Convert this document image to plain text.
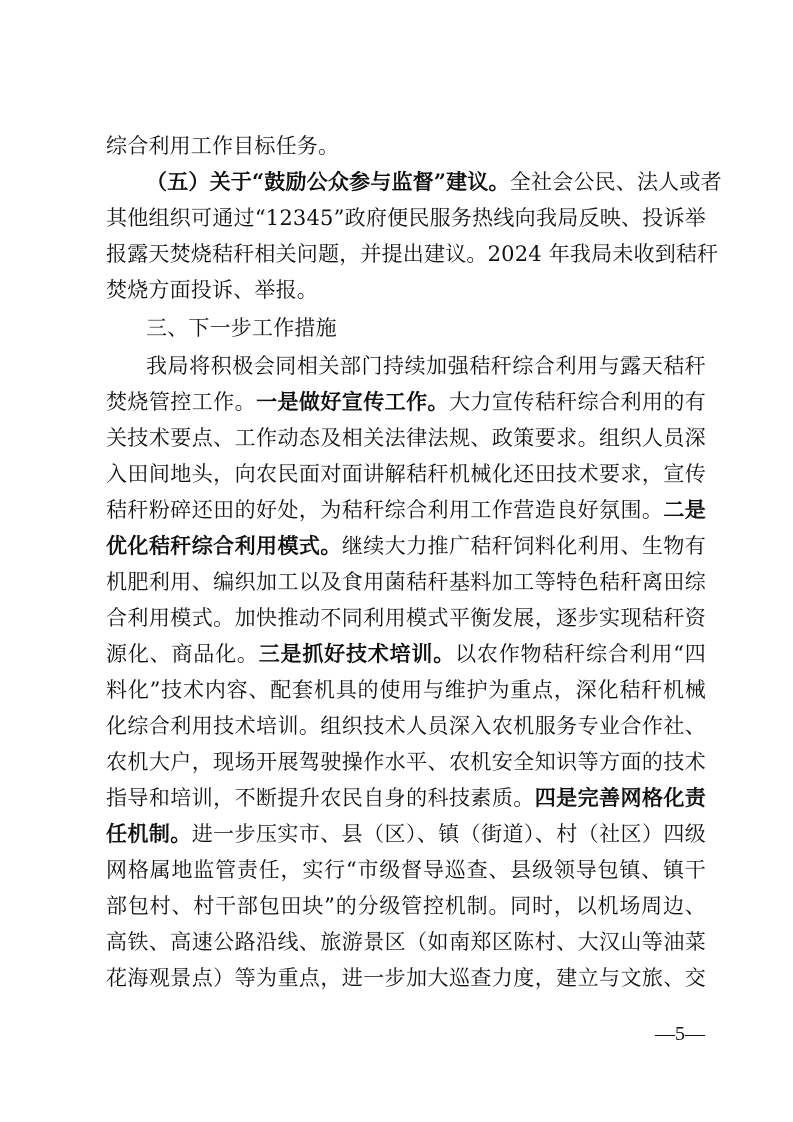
综合利用工作目标任务。
（五）关于“鼓励公众参与监督”建议。全社会公民、法人或者
其他组织可通过“12345”政府便民服务热线向我局反映、投诉举
报露天焚烧秸秆相关问题，并提出建议。2024 年我局未收到秸秆
焚烧方面投诉、举报。
三、下一步工作措施
我局将积极会同相关部门持续加强秸秆综合利用与露天秸秆
焚烧管控工作。一是做好宣传工作。大力宣传秸秆综合利用的有
关技术要点、工作动态及相关法律法规、政策要求。组织人员深
入田间地头，向农民面对面讲解秸秆机械化还田技术要求，宣传
秸秆粉碎还田的好处，为秸秆综合利用工作营造良好氛围。二是
优化秸秆综合利用模式。继续大力推广秸秆饲料化利用、生物有
机肥利用、编织加工以及食用菌秸秆基料加工等特色秸秆离田综
合利用模式。加快推动不同利用模式平衡发展，逐步实现秸秆资
源化、商品化。三是抓好技术培训。以农作物秸秆综合利用“四
料化”技术内容、配套机具的使用与维护为重点，深化秸秆机械
化综合利用技术培训。组织技术人员深入农机服务专业合作社、
农机大户，现场开展驾驶操作水平、农机安全知识等方面的技术
指导和培训，不断提升农民自身的科技素质。四是完善网格化责
任机制。进一步压实市、县（区）、镇（街道）、村（社区）四级
网格属地监管责任，实行“市级督导巡查、县级领导包镇、镇干
部包村、村干部包田块”的分级管控机制。同时，以机场周边、
高铁、高速公路沿线、旅游景区（如南郑区陈村、大汉山等油菜
花海观景点）等为重点，进一步加大巡查力度，建立与文旅、交
—5—
